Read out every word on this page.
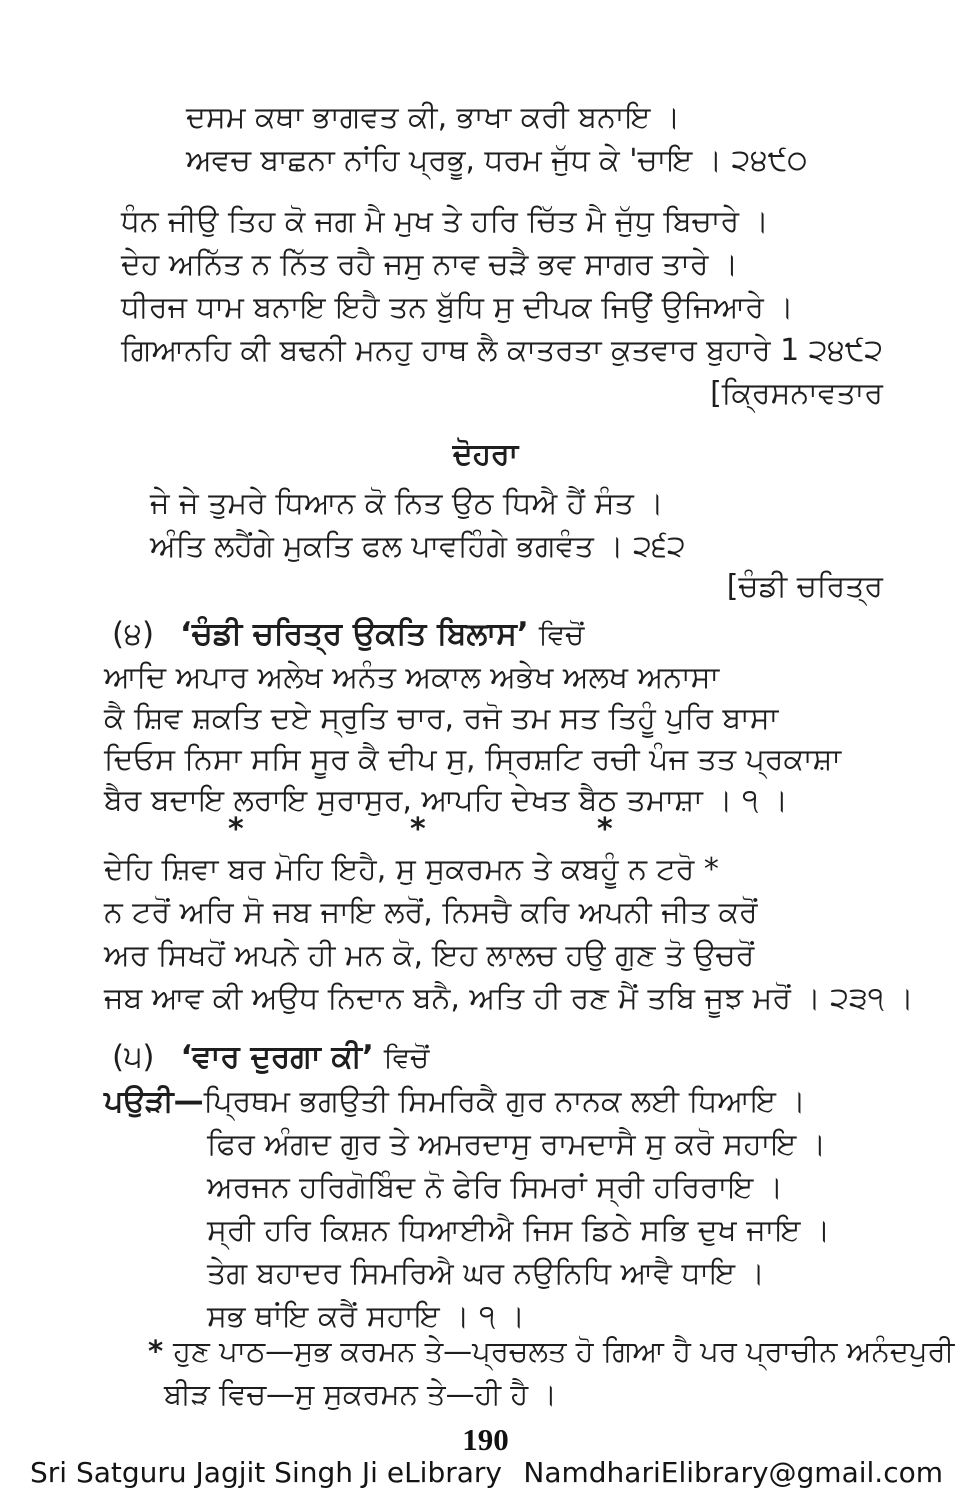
ਦਸਮ ਕਥਾ ਭਾਗਵਤ ਕੀ, ਭਾਖਾ ਕਰੀ ਬਨਾਇ ।
ਅਵਚ ਬਾਛਨਾ ਨਾਂਹਿ ਪ੍ਰਭੂ, ਧਰਮ ਜੁੱਧ ਕੇ 'ਚਾਇ । ੨੪੯੦
ਧੰਨ ਜੀਉ ਤਿਹ ਕੋ ਜਗ ਮੈ ਮੁਖ ਤੇ ਹਰਿ ਚਿੱਤ ਮੈ ਜੁੱਧੁ ਬਿਚਾਰੇ ।
ਦੇਹ ਅਨਿੱਤ ਨ ਨਿੱਤ ਰਹੈ ਜਸੁ ਨਾਵ ਚੜੈ ਭਵ ਸਾਗਰ ਤਾਰੇ ।
ਧੀਰਜ ਧਾਮ ਬਨਾਇ ਇਹੈ ਤਨ ਬੁੱਧਿ ਸੁ ਦੀਪਕ ਜਿਉਂ ਉਜਿਆਰੇ ।
ਗਿਆਨਹਿ ਕੀ ਬਢਨੀ ਮਨਹੁ ਹਾਥ ਲੈ ਕਾਤਰਤਾ ਕੁਤਵਾਰ ਬੁਹਾਰੇ 1 ੨੪੯੨
[ਕ੍ਰਿਸਨਾਵਤਾਰ
ਦੋਹਰਾ
ਜੇ ਜੇ ਤੁਮਰੇ ਧਿਆਨ ਕੋ ਨਿਤ ਉਠ ਧਿਐ ਹੈਂ ਸੰਤ ।
ਅੰਤਿ ਲਹੈਂਗੇ ਮੁਕਤਿ ਫਲ ਪਾਵਹਿੰਗੇ ਭਗਵੰਤ । ੨੬੨
[ਚੰਡੀ ਚਰਿਤ੍ਰ
(੪) ‘ਚੰਡੀ ਚਰਿਤ੍ਰ ਉਕਤਿ ਬਿਲਾਸ’ ਵਿਚੋਂ
ਆਦਿ ਅਪਾਰ ਅਲੇਖ ਅਨੰਤ ਅਕਾਲ ਅਭੇਖ ਅਲਖ ਅਨਾਸਾ
ਕੈ ਸ਼ਿਵ ਸ਼ਕਤਿ ਦਏ ਸ੍ਰੁਤਿ ਚਾਰ, ਰਜੋ ਤਮ ਸਤ ਤਿਹੂੰ ਪੁਰਿ ਬਾਸਾ
ਦਿਓਸ ਨਿਸਾ ਸਸਿ ਸੂਰ ਕੈ ਦੀਪ ਸੁ, ਸ੍ਰਿਸ਼ਟਿ ਰਚੀ ਪੰਜ ਤਤ ਪ੍ਰਕਾਸ਼ਾ
ਬੈਰ ਬਦਾਇ ਲਰਾਇ ਸੁਰਾਸੁਰ, ਆਪਹਿ ਦੇਖਤ ਬੈਠ ਤਮਾਸ਼ਾ । ੧ ।
*	*	*
ਦੇਹਿ ਸ਼ਿਵਾ ਬਰ ਮੋਹਿ ਇਹੈ, ਸੁ ਸੁਕਰਮਨ ਤੇ ਕਬਹੂੰ ਨ ਟਰੋ *
ਨ ਟਰੋਂ ਅਰਿ ਸੋ ਜਬ ਜਾਇ ਲਰੋਂ, ਨਿਸਚੈ ਕਰਿ ਅਪਨੀ ਜੀਤ ਕਰੋਂ
ਅਰ ਸਿਖਹੋਂ ਅਪਨੇ ਹੀ ਮਨ ਕੋ, ਇਹ ਲਾਲਚ ਹਉ ਗੁਣ ਤੋ ਉਚਰੋਂ
ਜਬ ਆਵ ਕੀ ਅਉਧ ਨਿਦਾਨ ਬਨੈ, ਅਤਿ ਹੀ ਰਣ ਮੈਂ ਤਬਿ ਜੂਝ ਮਰੋਂ । ੨੩੧ ।
(੫) ‘ਵਾਰ ਦੁਰਗਾ ਕੀ’ ਵਿਚੋਂ
ਪਉੜੀ—ਪ੍ਰਿਥਮ ਭਗਉਤੀ ਸਿਮਰਿਕੈ ਗੁਰ ਨਾਨਕ ਲਈ ਧਿਆਇ ।
ਫਿਰ ਅੰਗਦ ਗੁਰ ਤੇ ਅਮਰਦਾਸੁ ਰਾਮਦਾਸੈ ਸੁ ਕਰੋ ਸਹਾਇ ।
ਅਰਜਨ ਹਰਿਗੋਬਿੰਦ ਨੋ ਫੇਰਿ ਸਿਮਰਾਂ ਸ੍ਰੀ ਹਰਿਰਾਇ ।
ਸ੍ਰੀ ਹਰਿ ਕਿਸ਼ਨ ਧਿਆਈਐ ਜਿਸ ਡਿਠੇ ਸਭਿ ਦੁਖ ਜਾਇ ।
ਤੇਗ ਬਹਾਦਰ ਸਿਮਰਿਐ ਘਰ ਨਉਨਿਧਿ ਆਵੈ ਧਾਇ ।
ਸਭ ਥਾਂਇ ਕਰੈਂ ਸਹਾਇ । ੧ ।
* ਹੁਣ ਪਾਠ—ਸੁਭ ਕਰਮਨ ਤੇ—ਪ੍ਰਚਲਤ ਹੋ ਗਿਆ ਹੈ ਪਰ ਪ੍ਰਾਚੀਨ ਅਨੰਦਪੁਰੀ
ਬੀੜ ਵਿਚ—ਸੁ ਸੁਕਰਮਨ ਤੇ—ਹੀ ਹੈ ।
190
Sri Satguru Jagjit Singh Ji eLibrary NamdhariElibrary@gmail.com
